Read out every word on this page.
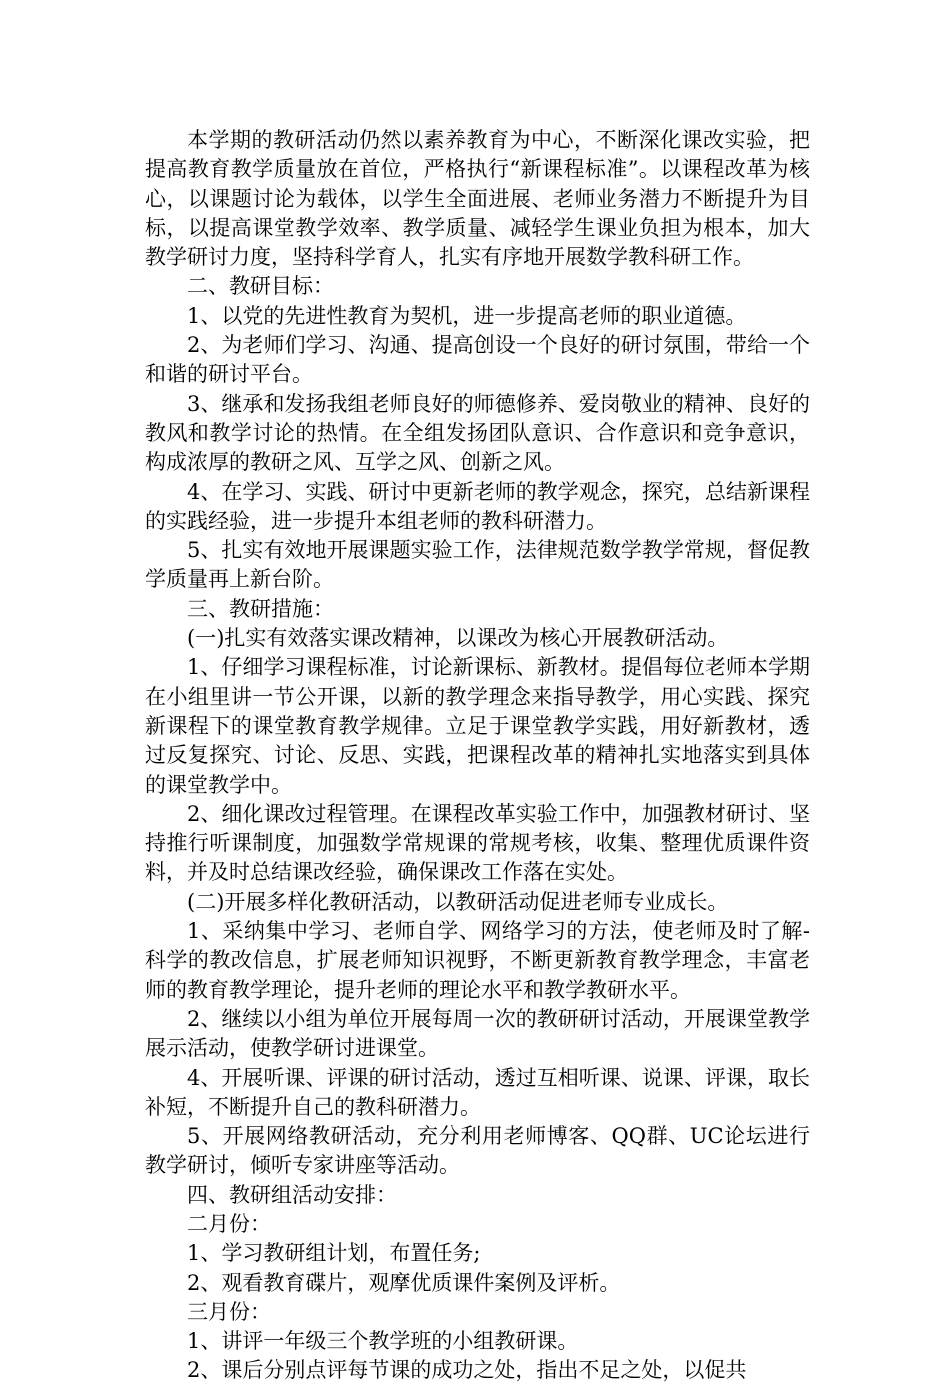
本学期的教研活动仍然以素养教育为中心，不断深化课改实验，把提高教育教学质量放在首位，严格执行“新课程标准”。以课程改革为核心，以课题讨论为载体，以学生全面进展、老师业务潜力不断提升为目标，以提高课堂教学效率、教学质量、减轻学生课业负担为根本，加大教学研讨力度，坚持科学育人，扎实有序地开展数学教科研工作。

二、教研目标：

1、以党的先进性教育为契机，进一步提高老师的职业道德。

2、为老师们学习、沟通、提高创设一个良好的研讨氛围，带给一个和谐的研讨平台。

3、继承和发扬我组老师良好的师德修养、爱岗敬业的精神、良好的教风和教学讨论的热情。在全组发扬团队意识、合作意识和竞争意识，构成浓厚的教研之风、互学之风、创新之风。

4、在学习、实践、研讨中更新老师的教学观念，探究，总结新课程的实践经验，进一步提升本组老师的教科研潜力。

5、扎实有效地开展课题实验工作，法律规范数学教学常规，督促教学质量再上新台阶。

三、教研措施：

(一)扎实有效落实课改精神，以课改为核心开展教研活动。

1、仔细学习课程标准，讨论新课标、新教材。提倡每位老师本学期在小组里讲一节公开课，以新的教学理念来指导教学，用心实践、探究新课程下的课堂教育教学规律。立足于课堂教学实践，用好新教材，透过反复探究、讨论、反思、实践，把课程改革的精神扎实地落实到具体的课堂教学中。

2、细化课改过程管理。在课程改革实验工作中，加强教材研讨、坚持推行听课制度，加强数学常规课的常规考核，收集、整理优质课件资料，并及时总结课改经验，确保课改工作落在实处。

(二)开展多样化教研活动，以教研活动促进老师专业成长。

1、采纳集中学习、老师自学、网络学习的方法，使老师及时了解-科学的教改信息，扩展老师知识视野，不断更新教育教学理念，丰富老师的教育教学理论，提升老师的理论水平和教学教研水平。

2、继续以小组为单位开展每周一次的教研研讨活动，开展课堂教学展示活动，使教学研讨进课堂。

4、开展听课、评课的研讨活动，透过互相听课、说课、评课，取长补短，不断提升自己的教科研潜力。

5、开展网络教研活动，充分利用老师博客、QQ群、UC论坛进行教学研讨，倾听专家讲座等活动。

四、教研组活动安排：

二月份：

1、学习教研组计划，布置任务;

2、观看教育碟片，观摩优质课件案例及评析。

三月份：

1、讲评一年级三个教学班的小组教研课。

2、课后分别点评每节课的成功之处，指出不足之处，以促共
